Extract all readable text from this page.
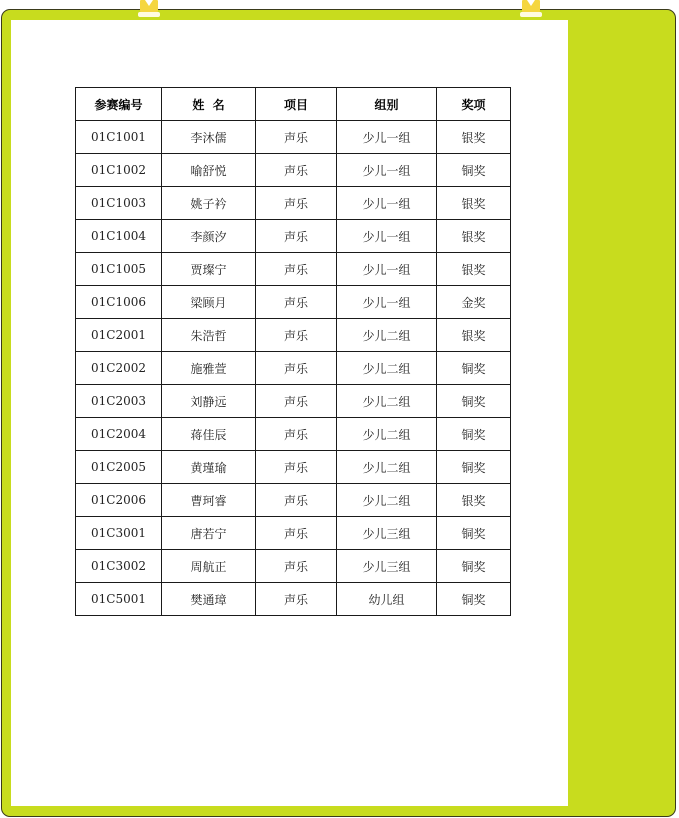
参赛编号	姓  名	项目	组别	奖项
01C1001	李沐儒	声乐	少儿一组	银奖
01C1002	喻舒悦	声乐	少儿一组	铜奖
01C1003	姚子衿	声乐	少儿一组	银奖
01C1004	李颜汐	声乐	少儿一组	银奖
01C1005	贾璨宁	声乐	少儿一组	银奖
01C1006	梁顾月	声乐	少儿一组	金奖
01C2001	朱浩哲	声乐	少儿二组	银奖
01C2002	施雅萱	声乐	少儿二组	铜奖
01C2003	刘静远	声乐	少儿二组	铜奖
01C2004	蒋佳辰	声乐	少儿二组	铜奖
01C2005	黄瑾瑜	声乐	少儿二组	铜奖
01C2006	曹珂睿	声乐	少儿二组	银奖
01C3001	唐若宁	声乐	少儿三组	铜奖
01C3002	周航正	声乐	少儿三组	铜奖
01C5001	樊通璋	声乐	幼儿组	铜奖
